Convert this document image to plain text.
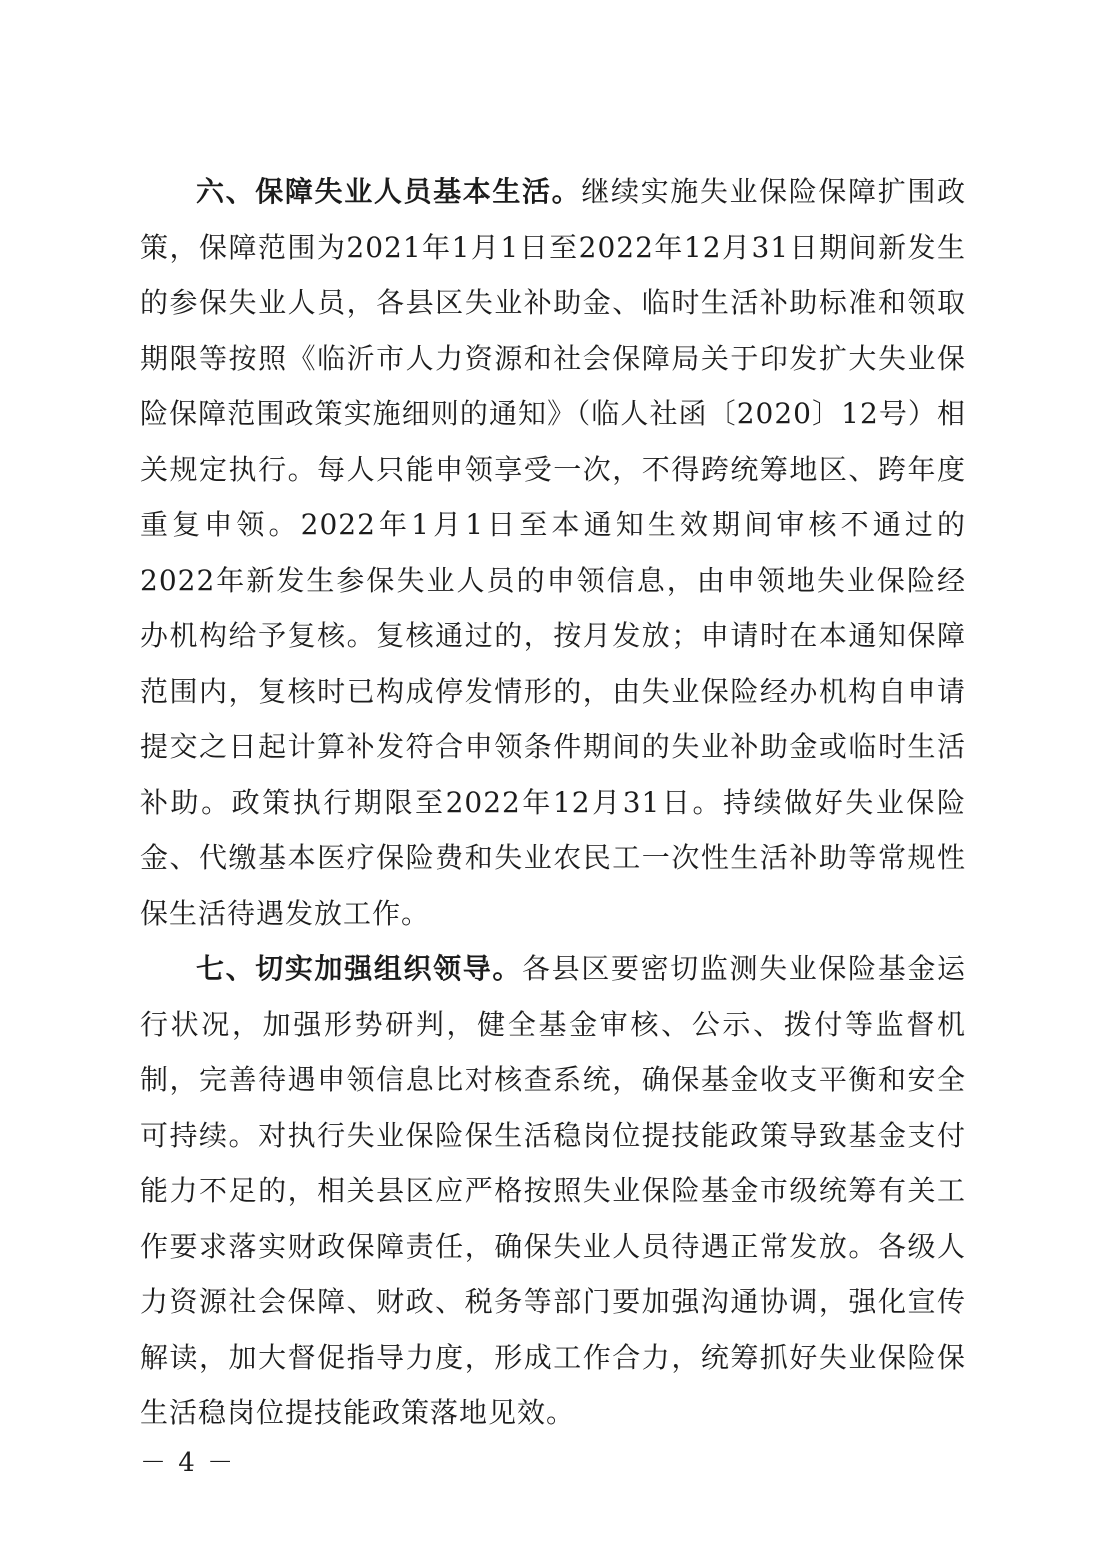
六、保障失业人员基本生活。继续实施失业保险保障扩围政策，保障范围为2021年1月1日至2022年12月31日期间新发生的参保失业人员，各县区失业补助金、临时生活补助标准和领取期限等按照《临沂市人力资源和社会保障局关于印发扩大失业保险保障范围政策实施细则的通知》（临人社函〔2020〕12号）相关规定执行。每人只能申领享受一次，不得跨统筹地区、跨年度重复申领。2022年1月1日至本通知生效期间审核不通过的2022年新发生参保失业人员的申领信息，由申领地失业保险经办机构给予复核。复核通过的，按月发放；申请时在本通知保障范围内，复核时已构成停发情形的，由失业保险经办机构自申请提交之日起计算补发符合申领条件期间的失业补助金或临时生活补助。政策执行期限至2022年12月31日。持续做好失业保险金、代缴基本医疗保险费和失业农民工一次性生活补助等常规性保生活待遇发放工作。

七、切实加强组织领导。各县区要密切监测失业保险基金运行状况，加强形势研判，健全基金审核、公示、拨付等监督机制，完善待遇申领信息比对核查系统，确保基金收支平衡和安全可持续。对执行失业保险保生活稳岗位提技能政策导致基金支付能力不足的，相关县区应严格按照失业保险基金市级统筹有关工作要求落实财政保障责任，确保失业人员待遇正常发放。各级人力资源社会保障、财政、税务等部门要加强沟通协调，强化宣传解读，加大督促指导力度，形成工作合力，统筹抓好失业保险保生活稳岗位提技能政策落地见效。

－ 4 －
